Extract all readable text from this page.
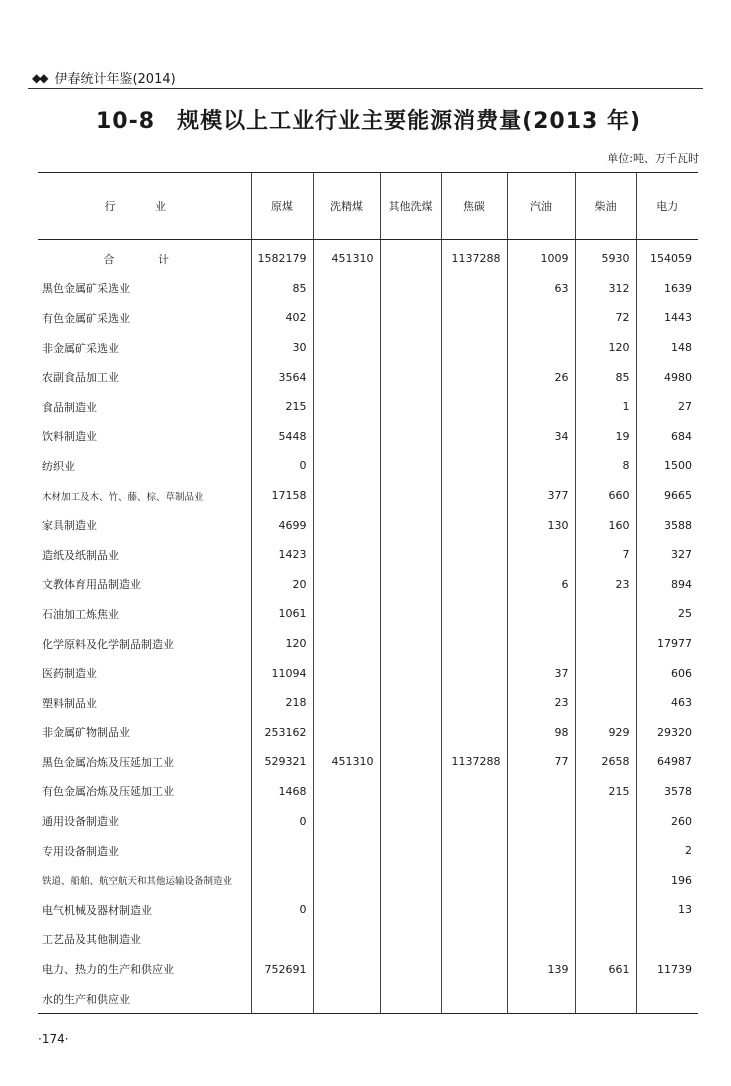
◆◆ 伊春统计年鉴(2014)
10-8 规模以上工业行业主要能源消费量(2013 年)
单位:吨、万千瓦时
行 业	原煤	洗精煤	其他洗煤	焦碳	汽油	柴油	电力
合 计	1582179	451310		1137288	1009	5930	154059
黑色金属矿采选业	85				63	312	1639
有色金属矿采选业	402					72	1443
非金属矿采选业	30					120	148
农副食品加工业	3564				26	85	4980
食品制造业	215					1	27
饮料制造业	5448				34	19	684
纺织业	0					8	1500
木材加工及木、竹、藤、棕、草制品业	17158				377	660	9665
家具制造业	4699				130	160	3588
造纸及纸制品业	1423					7	327
文教体育用品制造业	20				6	23	894
石油加工炼焦业	1061						25
化学原料及化学制品制造业	120						17977
医药制造业	11094				37		606
塑料制品业	218				23		463
非金属矿物制品业	253162				98	929	29320
黑色金属冶炼及压延加工业	529321	451310		1137288	77	2658	64987
有色金属冶炼及压延加工业	1468					215	3578
通用设备制造业	0						260
专用设备制造业							2
铁道、船舶、航空航天和其他运输设备制造业							196
电气机械及器材制造业	0						13
工艺品及其他制造业							
电力、热力的生产和供应业	752691				139	661	11739
水的生产和供应业							
·174·
